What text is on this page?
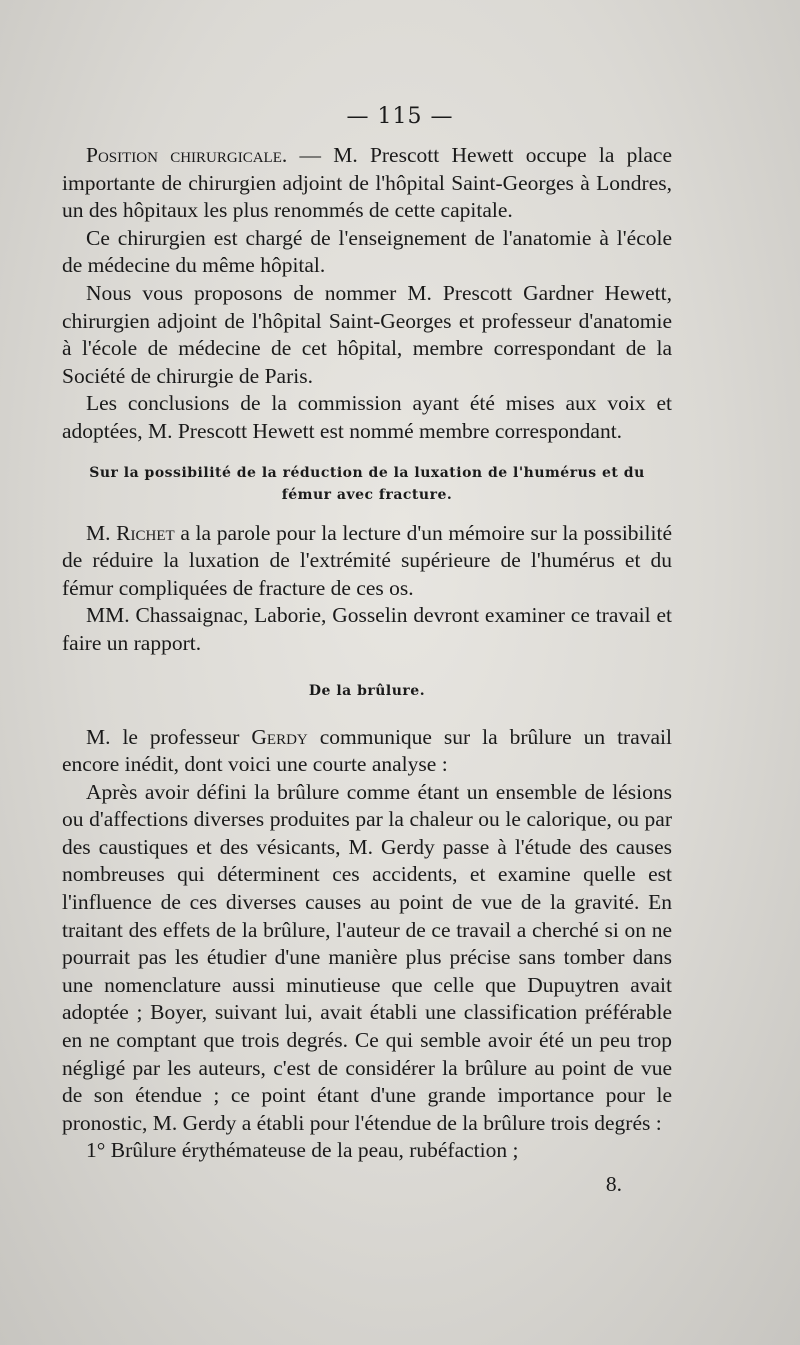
— 115 —

Position chirurgicale. — M. Prescott Hewett occupe la place importante de chirurgien adjoint de l'hôpital Saint-Georges à Londres, un des hôpitaux les plus renommés de cette capitale.

Ce chirurgien est chargé de l'enseignement de l'anatomie à l'école de médecine du même hôpital.

Nous vous proposons de nommer M. Prescott Gardner Hewett, chirurgien adjoint de l'hôpital Saint-Georges et professeur d'anatomie à l'école de médecine de cet hôpital, membre correspondant de la Société de chirurgie de Paris.

Les conclusions de la commission ayant été mises aux voix et adoptées, M. Prescott Hewett est nommé membre correspondant.

Sur la possibilité de la réduction de la luxation de l'humérus et du fémur avec fracture.

M. Richet a la parole pour la lecture d'un mémoire sur la possibilité de réduire la luxation de l'extrémité supérieure de l'humérus et du fémur compliquées de fracture de ces os.

MM. Chassaignac, Laborie, Gosselin devront examiner ce travail et faire un rapport.

De la brûlure.

M. le professeur Gerdy communique sur la brûlure un travail encore inédit, dont voici une courte analyse :

Après avoir défini la brûlure comme étant un ensemble de lésions ou d'affections diverses produites par la chaleur ou le calorique, ou par des caustiques et des vésicants, M. Gerdy passe à l'étude des causes nombreuses qui déterminent ces accidents, et examine quelle est l'influence de ces diverses causes au point de vue de la gravité. En traitant des effets de la brûlure, l'auteur de ce travail a cherché si on ne pourrait pas les étudier d'une manière plus précise sans tomber dans une nomenclature aussi minutieuse que celle que Dupuytren avait adoptée ; Boyer, suivant lui, avait établi une classification préférable en ne comptant que trois degrés. Ce qui semble avoir été un peu trop négligé par les auteurs, c'est de considérer la brûlure au point de vue de son étendue ; ce point étant d'une grande importance pour le pronostic, M. Gerdy a établi pour l'étendue de la brûlure trois degrés :

1° Brûlure érythémateuse de la peau, rubéfaction ;

8.
